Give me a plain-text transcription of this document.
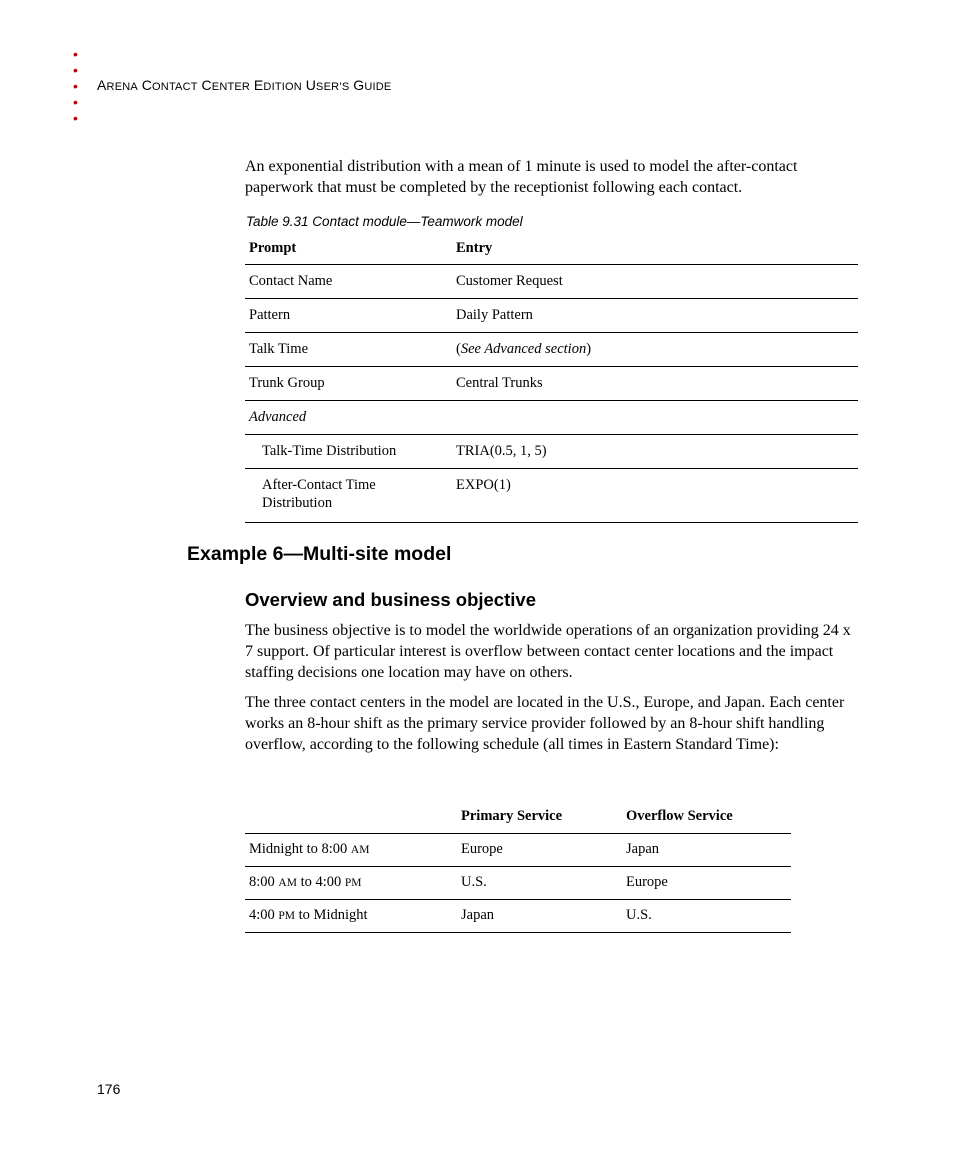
•
•
•
•
•
ARENA CONTACT CENTER EDITION USER’S GUIDE

An exponential distribution with a mean of 1 minute is used to model the after-contact paperwork that must be completed by the receptionist following each contact.

Table 9.31 Contact module—Teamwork model
Prompt	Entry
Contact Name	Customer Request
Pattern	Daily Pattern
Talk Time	(See Advanced section)
Trunk Group	Central Trunks
Advanced	
Talk-Time Distribution	TRIA(0.5, 1, 5)
After-Contact Time Distribution	EXPO(1)
Example 6—Multi-site model
Overview and business objective

The business objective is to model the worldwide operations of an organization providing 24 x 7 support. Of particular interest is overflow between contact center locations and the impact staffing decisions one location may have on others.

The three contact centers in the model are located in the U.S., Europe, and Japan. Each center works an 8-hour shift as the primary service provider followed by an 8-hour shift handling overflow, according to the following schedule (all times in Eastern Standard Time):

	Primary Service	Overflow Service
Midnight to 8:00 AM	Europe	Japan
8:00 AM to 4:00 PM	U.S.	Europe
4:00 PM to Midnight	Japan	U.S.
176
